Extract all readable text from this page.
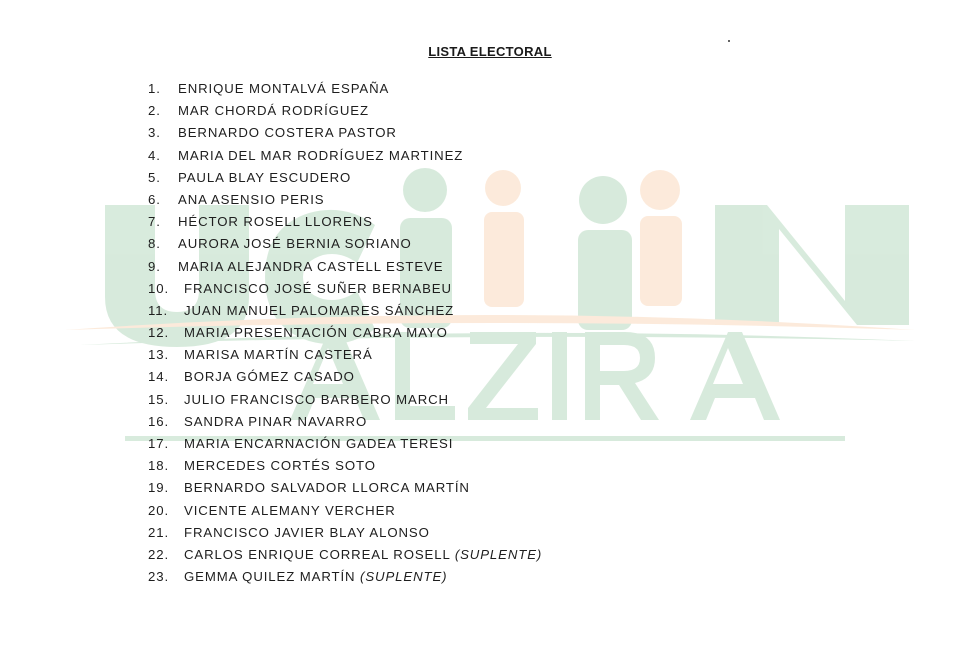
LISTA ELECTORAL
1. ENRIQUE MONTALVÁ ESPAÑA
2. MAR CHORDÁ RODRÍGUEZ
3. BERNARDO COSTERA PASTOR
4. MARIA DEL MAR RODRÍGUEZ MARTINEZ
5. PAULA BLAY ESCUDERO
6. ANA ASENSIO PERIS
7. HÉCTOR ROSELL LLORENS
8. AURORA JOSÉ BERNIA SORIANO
9. MARIA ALEJANDRA CASTELL ESTEVE
10. FRANCISCO JOSÉ SUÑER BERNABEU
11. JUAN MANUEL PALOMARES SÁNCHEZ
12. MARIA PRESENTACIÓN CABRA MAYO
13. MARISA MARTÍN CASTERÁ
14. BORJA GÓMEZ CASADO
15. JULIO FRANCISCO BARBERO MARCH
16. SANDRA PINAR NAVARRO
17. MARIA ENCARNACIÓN GADEA TERESI
18. MERCEDES CORTÉS SOTO
19. BERNARDO SALVADOR LLORCA MARTÍN
20. VICENTE ALEMANY VERCHER
21. FRANCISCO JAVIER BLAY ALONSO
22. CARLOS ENRIQUE CORREAL ROSELL (SUPLENTE)
23. GEMMA QUILEZ MARTÍN (SUPLENTE)
